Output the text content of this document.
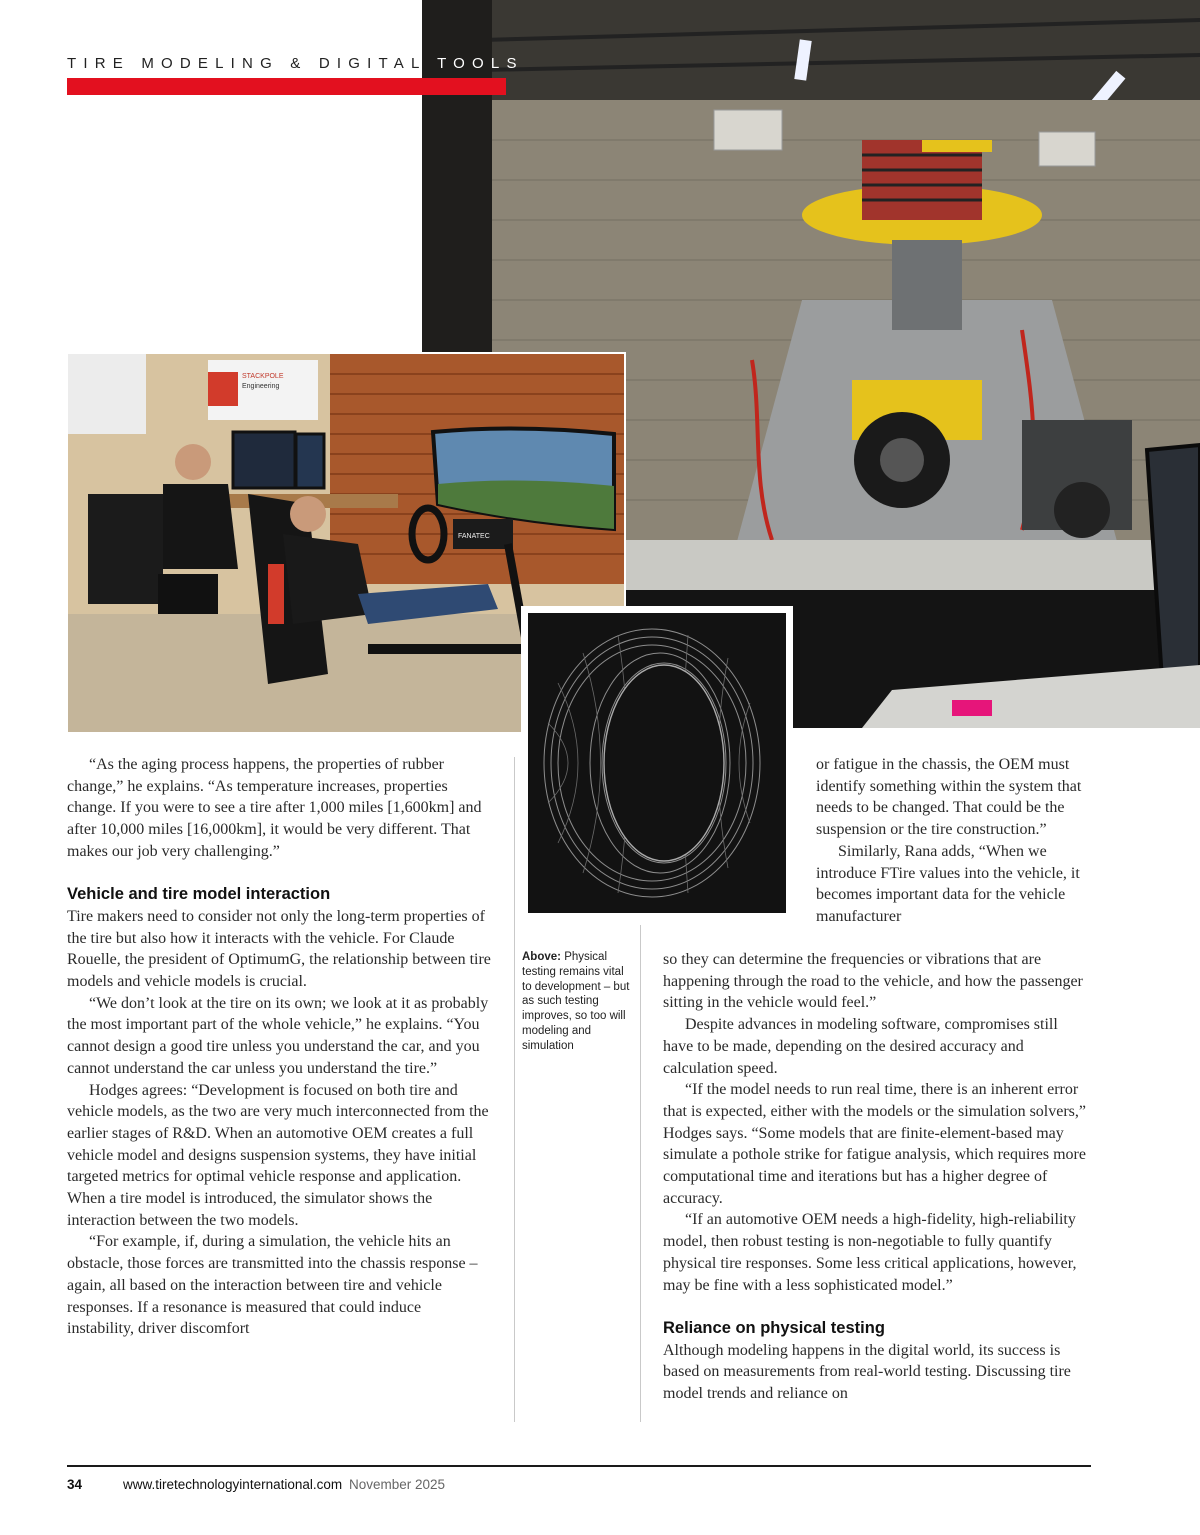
TIRE MODELING & DIGITAL TOOLS
STACKPOLE
Engineering
FANATEC

“As the aging process happens, the properties of rubber change,” he explains. “As temperature increases, properties change. If you were to see a tire after 1,000 miles [1,600km] and after 10,000 miles [16,000km], it would be very different. That makes our job very challenging.”

Vehicle and tire model interaction

Tire makers need to consider not only the long-term properties of the tire but also how it interacts with the vehicle. For Claude Rouelle, the president of OptimumG, the relationship between tire models and vehicle models is crucial.

“We don’t look at the tire on its own; we look at it as probably the most important part of the whole vehicle,” he explains. “You cannot design a good tire unless you understand the car, and you cannot understand the car unless you understand the tire.”

Hodges agrees: “Development is focused on both tire and vehicle models, as the two are very much interconnected from the earlier stages of R&D. When an automotive OEM creates a full vehicle model and designs suspension systems, they have initial targeted metrics for optimal vehicle response and application. When a tire model is introduced, the simulator shows the interaction between the two models.

“For example, if, during a simulation, the vehicle hits an obstacle, those forces are transmitted into the chassis response – again, all based on the interaction between tire and vehicle responses. If a resonance is measured that could induce instability, driver discomfort

Above: Physical testing remains vital to development – but as such testing improves, so too will modeling and simulation

or fatigue in the chassis, the OEM must identify something within the system that needs to be changed. That could be the suspension or the tire construction.”

Similarly, Rana adds, “When we introduce FTire values into the vehicle, it becomes important data for the vehicle manufacturer

so they can determine the frequencies or vibrations that are happening through the road to the vehicle, and how the passenger sitting in the vehicle would feel.”

Despite advances in modeling software, compromises still have to be made, depending on the desired accuracy and calculation speed.

“If the model needs to run real time, there is an inherent error that is expected, either with the models or the simulation solvers,” Hodges says. “Some models that are finite-element-based may simulate a pothole strike for fatigue analysis, which requires more computational time and iterations but has a higher degree of accuracy.

“If an automotive OEM needs a high-fidelity, high-reliability model, then robust testing is non-negotiable to fully quantify physical tire responses. Some less critical applications, however, may be fine with a less sophisticated model.”

Reliance on physical testing

Although modeling happens in the digital world, its success is based on measurements from real-world testing. Discussing tire model trends and reliance on

34	www.tiretechnologyinternational.com November 2025
